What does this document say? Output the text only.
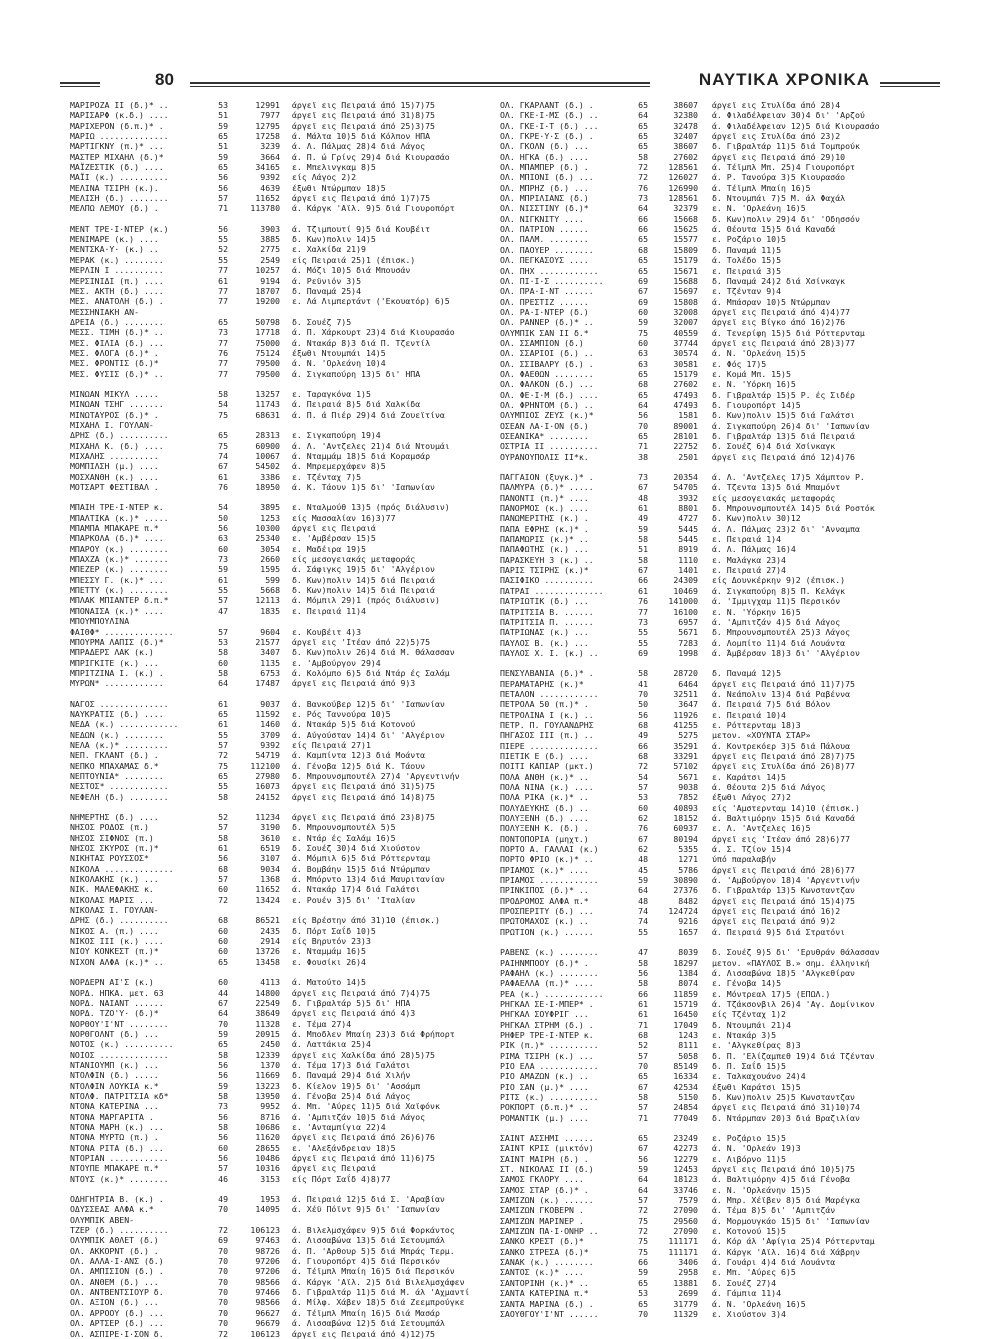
80	ΝΑΥΤΙΚΑ ΧΡΟΝΙΚΑ
ΜΑΡΙΡΟΖΑ ΙΙ (δ.)* ..	53	12991 άργεϊ εις Πειραιά άπό 15)7)75
ΜΑΡΙΣΑΡΦ (κ.δ.) ....	51	7977 άργεϊ εις Πειραιά άπό 31)8)75
ΜΑΡΙΧΕΡΟΝ (δ.π.)* .	59	12795 άργεϊ εις Πειραιά άπό 25)3)75
ΜΑΡΙΩ ..............	65	17258 ά. Μάλτα 10)5 διά Κόλπον ΗΠΑ
ΜΑΡΤΙΓΚΝΥ (π.)* ...	51	3239 ά. Λ. Πάλμας 28)4 διά Λάγος
ΜΑΣΤΕΡ ΜΙΧΑΗΛ (δ.)*	59	3664 ά. Π. ώ Γρίνς 29)4 διά Κιουρασάο
ΜΑΪΖΕΣΤΙΚ (δ.) ....	65	34165 ε. Μπελινγκαμ 8)5
ΜΑΪΙ (κ.) ..........	56	9392 είς Λάγος 2)2
ΜΕΛΙΝΑ ΤΣΙΡΗ (κ.).	56	4639 έξωθι Ντώρμπαν 18)5
ΜΕΛΙΣΗ (δ.) ........	57	11652 άργεϊ εις Πειραιά άπό 1)7)75
ΜΕΛΠΩ ΛΕΜΟΥ (δ.) .	71	113780 ά. Κάργκ 'Αϊλ. 9)5 διά Γιουροπόρτ
ΜΕΝΤ ΤΡΕ·Ι·ΝΤΕΡ (κ.)	56	3903 ά. Τζιμπουτί 9)5 διά Κουβέιτ
ΜΕΝΙΜΑΡΕ (κ.) ....	55	3885 δ. Κων)πολιν 14)5
ΜΕΝΤΣΚΑ·Υ· (κ.) ..	52	2775 ε. Χαλκίδα 21)9
ΜΕΡΑΚ (κ.) ........	55	2549 είς Πειραιά 25)1 (έπισκ.)
ΜΕΡΛΙΝ Ι ..........	77	10257 ά. Μόζι 10)5 διά Μπουσάν
ΜΕΡΣΙΝΙΔΙ (π.) ....	61	9194 ά. Ρεϋνιόν 3)5
ΜΕΣ. ΑΚΤΗ (δ.) ....	77	18707 δ. Παναμά 25)4
ΜΕΣ. ΑΝΑΤΟΛΗ (δ.) .	77	19200 ε. Λά Λιμπερτάντ ('Εκουατόρ) 6)5
ΜΕΣΣΗΝΙΑΚΗ ΑΝ-
ΔΡΕΙΑ (δ.) ........	65	50798 δ. Σουέζ 7)5
ΜΕΣΣ. ΤΙΜΗ (δ.)* ..	73	17718 ά. Π. Χάρκουρτ 23)4 διά Κιουρασάο
ΜΕΣ. ΦΙΛΙΑ (δ.) ...	77	75000 ά. Ντακάρ 8)3 διά Π. Τζεντίλ
ΜΕΣ. ΦΛΟΓΑ (δ.)* .	76	75124 έξωθι Ντουμπάι 14)5
ΜΕΣ. ΦΡΟΝΤΙΣ (δ.)*	77	79500 ά. Ν. 'Ορλεάνη 10)4
ΜΕΣ. ΦΥΣΙΣ (δ.)* ..	77	79500 ά. Σιγκαπούρη 13)5 δι' ΗΠΑ
ΜΙΝΩΑΝ ΜΙΚΥΛ .....	58	13257 ε. Ταραγκόνα 1)5
ΜΙΝΩΑΝ ΤΣΗΓ .......	54	11743 ά. Πειραιά 8)5 διά Χαλκίδα
ΜΙΝΩΤΑΥΡΟΣ (δ.)* .	75	68631 ά. Π. ά Πιέρ 29)4 διά Ζουεϊτίνα
ΜΙΧΑΗΛ Ι. ΓΟΥΛΑΝ-
ΔΡΗΣ (δ.) ..........	65	28313 ε. Σιγκαπούρη 19)4
ΜΙΧΑΗΛ Κ. (δ.) ....	75	60900 ά. Λ. 'Αντζελες 21)4 διά Ντουμάι
ΜΙΧΑΛΗΣ ..........	74	10067 ά. Νταμμάμ 18)5 διά Κοραμσάρ
ΜΟΜΠΙΛΣΗ (μ.) ....	67	54502 ά. Μπρεμερχάφεν 8)5
ΜΟΣΧΑΝΘΗ (κ.) ....	61	3386 ε. Τζένταχ 7)5
ΜΟΤΣΑΡΤ ΦΕΣΤΙΒΑΛ .	76	18950 ά. Κ. Τάουν 1)5 δι' 'Ιαπωνίαν
ΜΠΑΙΗ ΤΡΕ·Ι·ΝΤΕΡ κ.	54	3895 ε. Νταλμούθ 13)5 (πρός διάλυσιν)
ΜΠΑΛΤΙΚΑ (κ.)* .....	50	1253 είς Μασσαλίαν 16)3)77
ΜΠΑΜΠΑ ΜΠΑΚΑΡΕ π.*	56	10300 άργεϊ εις Πειραιά
ΜΠΑΡΚΟΛΑ (δ.)* ....	63	25340 ε. 'Αμβέρσαν 15)5
ΜΠΑΡΟΥ (κ.) ........	60	3054 ε. Μαδέιρα 19)5
ΜΠΑΧΖΑ (κ.)* .......	73	2660 είς μεσογειακάς μεταφοράς
ΜΠΕΖΕΡ (κ.) ........	59	1595 ά. Σάφιγκς 19)5 δι' 'Αλγέριον
ΜΠΕΣΣΥ Γ. (κ.)* ...	61	599 δ. Κων)πολιν 14)5 διά Πειραιά
ΜΠΕΤΤΥ (κ.) ........	55	5668 δ. Κων)πολιν 14)5 διά Πειραιά
ΜΠΛΑΚ ΜΠΙΑΝΤΕΡ δ.π.*	57	12113 ά. Μόμπιλ 29)1 (πρός διάλυσιν)
ΜΠΟΝΑΙΣΑ (κ.)* ....	47	1835 ε. Πειραιά 11)4
ΜΠΟΥΜΠΟΥΛΙΝΑ
ΦΑΙΘΦ* ..............	57	9604 ε. Κουβέιτ 4)3
ΜΠΟΥΡΜΑ ΛΑΠΙΣ (δ.)*	53	21577 άργεϊ εις 'Ιτέαν άπό 22)5)75
ΜΠΡΑΔΕΡΣ ΛΑΚ (κ.)	58	3407 δ. Κων)πολιν 26)4 διά Μ. Θάλασσαν
ΜΠΡΙΓΚΙΤΕ (κ.) ...	60	1135 ε. 'Αμβούργον 29)4
ΜΠΡΙΤΖΙΝΑ Ι. (κ.) .	58	6753 ά. Κολόμπο 6)5 διά Ντάρ ές Σαλάμ
ΜΥΡΩΝ* ............	64	17487 άργεϊ εις Πειραιά άπό 9)3
ΝΑΓΟΣ ..............	61	9037 ά. Βανκούβερ 12)5 δι' 'Ιαπωνίαν
ΝΑΥΚΡΑΤΙΣ (δ.) ....	65	11592 ε. Ρός Ταννούρα 10)5
ΝΕΔΑ (κ.) ............	61	1460 ά. Ντακάρ 5)5 διά Κοτονού
ΝΕΔΩΝ (κ.) ........	55	3709 ά. Αύγούσταν 14)4 δι' 'Αλγέριον
ΝΕΛΑ (κ.)* .........	57	9392 είς Πειραιά 27)1
ΝΕΠ. ΓΚΛΑΝΤ (δ.) .	72	54719 ά. Καμπίντα 12)3 διά Μοάντα
ΝΕΠΚΟ ΜΠΑΧΑΜΑΣ δ.*	75	112100 ά. Γένοβα 12)5 διά Κ. Τάουν
ΝΕΠΤΟΥΝΙΑ* ........	65	27980 δ. Μπρουνσμπουτέλ 27)4 'Αργεντινήν
ΝΕΣΤΟΣ* ............	55	16073 άργεϊ εις Πειραιά άπό 31)5)75
ΝΕΦΕΛΗ (δ.) ........	58	24152 άργεϊ εις Πειραιά άπό 14)8)75
ΝΗΜΕΡΤΗΣ (δ.) ....	52	11234 άργεϊ εις Πειραιά άπό 23)8)75
ΝΗΣΟΣ ΡΟΔΟΣ (π.)	57	3190 δ. Μπρουνσμπουτέλ 5)5
ΝΗΣΟΣ ΣΙΦΝΟΣ (π.)	58	3610 ε. Ντάρ ές Σαλάμ 16)5
ΝΗΣΟΣ ΣΚΥΡΟΣ (π.)*	61	6519 δ. Σουέζ 30)4 διά Χιούστον
ΝΙΚΗΤΑΣ ΡΟΥΣΣΟΣ*	56	3107 ά. Μόμπιλ 6)5 διά Ρόττερνταμ
ΝΙΚΟΛΑ ..............	68	9034 ά. Βομβάην 15)5 διά Ντώρμπαν
ΝΙΚΟΛΑΚΗΣ (κ.) ...	57	1368 ά. Μπόρντο 13)4 διά Μαυριτανίαν
ΝΙΚ. ΜΑΛΕΦΑΚΗΣ κ.	60	11652 ά. Ντακάρ 17)4 διά Γαλάτσι
ΝΙΚΟΛΑΣ ΜΑΡΙΣ ...	72	13424 ε. Ρουέν 3)5 δι' 'Ιταλίαν
ΝΙΚΟΛΑΣ Ι. ΓΟΥΛΑΝ-
ΔΡΗΣ (δ.) ..........	68	86521 είς Βρέστην άπό 31)10 (έπισκ.)
ΝΙΚΟΣ Α. (π.) ....	60	2435 δ. Πόρτ Σαΐδ 10)5
ΝΙΚΟΣ ΙΙΙ (κ.) ....	60	2914 είς Βηρυτόν 23)3
ΝΙΟΥ ΚΟΝΚΕΣΤ (π.)*	60	13726 ε. Νταμμάμ 16)5
ΝΙΧΟΝ ΑΛΦΑ (κ.)* ..	65	13458 ε. Φουσίκι 26)4
ΝΟΡΔΕΡΝ ΑΙ'Σ (κ.)	60	4113 ά. Ματούτο 14)5
ΝΟΡΔ. ΗΠΚΑ. μετ. 63	44	14800 άργεϊ εις Πειραιά άπό 7)4)75
ΝΟΡΔ. ΝΑΙΑΝΤ ......	67	22549 δ. Γιβραλτάρ 5)5 δι' ΗΠΑ
ΝΟΡΔ. ΤΖΟ'Υ· (δ.)*	64	38649 άργεϊ εις Πειραιά άπό 4)3
ΝΟΡΘΟΥ'Ι'ΝΤ ........	70	11328 ε. Τέμα 27)4
ΝΟΡΘΓΟΛΝΤ (δ.) ...	59	20915 ά. Μποδλεν Μπαίη 23)3 διά Φρήπορτ
ΝΟΤΟΣ (κ.) ..........	65	2450 ά. Λαττάκια 25)4
ΝΟΙΟΣ ..............	58	12339 άργεϊ εις Χαλκίδα άπό 28)5)75
ΝΤΑΝΙΟΥΜΠ (κ.) ...	56	1370 ά. Τέμα 17)3 διά Γαλάτσι
ΝΤΟΛΦΙΝ (δ.) .....	56	11669 δ. Παναμά 29)4 διά Χιλήν
ΝΤΟΛΦΙΝ ΛΟΥΚΙΑ κ.*	59	13223 δ. Κίελον 19)5 δι' 'Ασσάμπ
ΝΤΟΛΦ. ΠΑΤΡΙΤΣΙΑ κδ*	58	13950 ά. Γένοβα 25)4 διά Λάγος
ΝΤΟΝΑ ΚΑΤΕΡΙΝΑ ...	73	9952 ά. Μπ. 'Αύρες 11)5 διά Χαϊφόνκ
ΝΤΟΝΑ ΜΑΡΓΑΡΙΤΑ .	56	8716 ά. 'Αμπιτζάν 10)5 διά Λάγος
ΝΤΟΝΑ ΜΑΡΗ (κ.) ...	58	10686 ε. 'Ανταμπίγια 22)4
ΝΤΟΝΑ ΜΥΡΤΩ (π.) .	56	11620 άργεϊ εις Πειραιά άπό 26)6)76
ΝΤΟΝΑ ΡΙΤΑ (δ.) ...	60	28655 ε. 'Αλεξάνδρειαν 18)5
ΝΤΟΡΙΑΝ ............	56	10486 άργεϊ εις Πειραιά άπό 11)6)75
ΝΤΟΥΠΕ ΜΠΑΚΑΡΕ π.*	57	10316 άργεϊ εις Πειραιά
ΝΤΟΥΣ (κ.)* ........	46	3153 είς Πόρτ Σαΐδ 4)8)77
ΟΔΗΓΗΤΡΙΑ Β. (κ.) .	49	1953 ά. Πειραιά 12)5 διά Σ. 'Αραβίαν
ΟΔΥΣΣΕΑΣ ΑΛΦΑ κ.*	70	14095 ά. Χέϋ Πόϊντ 9)5 δι' 'Ιαπωνίαν
ΟΛΥΜΠΙΚ ΑΒΕΝ-
ΤΖΕΡ (δ.) ..........	72	106123 ά. Βιλελμσχάφεν 9)5 διά Φορκάντος
ΟΛΥΜΠΙΚ ΑΘΛΕΤ (δ.)	69	97463 ά. Λισσαβώνα 13)5 διά Σετουμπάλ
ΟΛ. ΑΚΚΟΡΝΤ (δ.) .	70	98726 ά. Π. 'Αρθουρ 5)5 διά Μπράς Τερμ.
ΟΛ. ΑΛΛΑ·Ι·ΑΝΣ (δ.)	70	97206 ά. Γιουροπόρτ 4)5 διά Περσικόν
ΟΛ. ΑΜΠΙΣΙΟΝ (δ.) .	70	97206 ά. Τέϊμπλ Μπαίη 16)5 διά Περσικόν
ΟΛ. ΑΝΘΕΜ (δ.) ...	70	98566 ά. Κάργκ 'Αϊλ. 2)5 διά Βιλελμσχάφεν
ΟΛ. ΑΝΤΒΕΝΤΣΙΟΥΡ δ.	70	97466 δ. Γιβραλτάρ 11)5 διά Μ. άλ 'Αχμαντί
ΟΛ. ΑΞΙΟΝ (δ.) ...	70	98566 ά. Μίλφ. Χάβεν 18)5 διά Ζεεμπρούγκε
ΟΛ. ΑΡΡΟΟΥ (δ.) ...	70	96627 ά. Τέϊμπλ Μπαίη 16)5 διά Μασάρ
ΟΛ. ΑΡΤΣΕΡ (δ.) ...	70	96679 ά. Λισσαβώνα 12)5 διά Σετουμπάλ
ΟΛ. ΑΣΠΙΡΕ·Ι·ΣΟΝ δ.	72	106123 άργεϊ εις Πειραιά άπό 4)12)75
ΟΛ. ΓΚΑΡΛΑΝΤ (δ.) .	65	38607 άργεϊ εις Στυλίδα άπό 28)4
ΟΛ. ΓΚΕ·Ι·ΜΣ (δ.) ..	64	32380 ά. Φιλαδέλφειαν 30)4 δι' 'Αρζού
ΟΛ. ΓΚΕ·Ι·Τ (δ.) ...	65	32478 ά. Φιλαδέλφειαν 12)5 διά Κιουρασάο
ΟΛ. ΓΚΡΕ·Υ·Σ (δ.) .	65	32407 άργεϊ εις Στυλίδα άπό 23)2
ΟΛ. ΓΚΟΛΝ (δ.) ...	65	38607 δ. Γιβραλτάρ 11)5 διά Τομπρούκ
ΟΛ. ΗΓΚΑ (δ.) ....	58	27602 άργεϊ εις Πειραιά άπό 29)10
ΟΛ. ΜΠΑΜΠΕΡ (δ.) .	72	128561 ά. Τέϊμπλ Μπ. 25)4 Γιουροπόρτ
ΟΛ. ΜΠΙΟΝΙ (δ.) ...	72	126027 ά. Ρ. Τανούρα 3)5 Κιουρασάο
ΟΛ. ΜΠΡΗΖ (δ.) ...	76	126990 ά. Τέϊμπλ Μπαίη 16)5
ΟΛ. ΜΠΡΙΛΙΑΝΣ (δ.)	73	128561 δ. Ντουμπάι 7)5 Μ. άλ Φαχάλ
ΟΛ. ΝΙΣΣΤΙΝΥ (δ.)*	64	32379 ε. Ν. 'Ορλεάνη 16)5
ΟΛ. ΝΙΓΚΝΙΤΥ ....	66	15668 δ. Κων)πολιν 29)4 δι' 'Οδησσόν
ΟΛ. ΠΑΤΡΙΟΝ ......	66	15625 ά. Θέουτα 15)5 διά Καναδά
ΟΛ. ΠΑΛΜ. ........	65	15577 ε. Ροζάριο 10)5
ΟΛ. ΠΑΟΥΕΡ ........	68	15809 δ. Παναμά 11)5
ΟΛ. ΠΕΓΚΑΣΟΥΣ ....	65	15179 ά. Τολέδο 15)5
ΟΛ. ΠΗΧ ............	65	15671 ε. Πειραιά 3)5
ΟΛ. ΠΙ·Ι·Σ ..........	69	15688 δ. Παναμά 24)2 διά Χσίνκαγκ
ΟΛ. ΠΡΑ·Ι·ΝΤ ......	67	15697 ε. Τζένταν 9)4
ΟΛ. ΠΡΕΣΤΙΖ ......	69	15808 ά. Μπάσραν 10)5 Ντώρμπαν
ΟΛ. ΡΑ·Ι·ΝΤΕΡ (δ.)	60	32008 άργεϊ εις Πειραιά άπό 4)4)77
ΟΛ. ΡΑΝΝΕΡ (δ.)* ..	59	32007 άργεϊ εις Βίγκο άπό 16)2)76
ΟΛΥΜΠΙΚ ΣΑΝ ΙΙ δ.*	75	40559 ά. Τενερίφη 15)5 διά Ρόττερνταμ
ΟΛ. ΣΣΑΜΠΙΟΝ (δ.)	60	37744 άργεϊ εις Πειραιά άπό 28)3)77
ΟΛ. ΣΣΑΡΙΟΙ (δ.) ..	63	30574 ά. Ν. 'Ορλεάνη 15)5
ΟΛ. ΣΣΙΒΑΛΡΥ (δ.) .	63	30581 ε. Φός 17)5
ΟΛ. ΦΑΕΘΩΝ ........	65	15179 ε. Κομά Μπ. 15)5
ΟΛ. ΦΑΛΚΟΝ (δ.) ...	68	27602 ε. Ν. 'Υόρκη 16)5
ΟΛ. ΦΕ·Ι·Μ (δ.) ....	65	47493 δ. Γιβραλτάρ 15)5 Ρ. ές Σιδέρ
ΟΛ. ΦΡΗΝΤΟΜ (δ.) ..	64	47493 δ. Γιουροπόρτ 14)5
ΟΛΥΜΠΙΟΣ ΖΕΥΣ (κ.)*	56	1581 δ. Κων)πολιν 15)5 διά Γαλάτσι
ΟΣΕΑΝ ΛΑ·Ι·ΟΝ (δ.)	70	89001 ά. Σιγκαπούρη 26)4 δι' 'Ιαπωνίαν
ΟΣΕΑΝΙΚΑ* ........	65	28101 δ. Γιβραλτάρ 13)5 διά Πειραιά
ΟΣΤΡΙΑ ΙΙ ..........	71	22752 δ. Σουέζ 6)4 διά Χσίνκαγκ
ΟΥΡΑΝΟΥΠΟΛΙΣ ΙΙ*κ.	38	2501 άργεϊ εις Πειραιά άπό 12)4)76
ΠΑΓΓΑΙΟΝ (ξυγκ.)* .	73	20354 ά. Λ. 'Αντζελες 17)5 Χάμπτον Ρ.
ΠΑΛΜΥΡΑ (δ.)* .....	67	54705 ά. Τζεντα 13)5 διά Μπαμόντ
ΠΑΝΟΝΤΙ (π.)* ....	48	3932 είς μεσογειακάς μεταφοράς
ΠΑΝΟΡΜΟΣ (κ.) ....	61	8801 δ. Μπρουνσμπουτέλ 14)5 διά Ροστόκ
ΠΑΝΩΜΕΡΙΤΗΣ (κ.) .	49	4727 δ. Κων)πολιν 30)12
ΠΑΠΑ ΕΦΡΗΣ (κ.)* .	59	5445 ά. Λ. Πάλμας 23)2 δι' 'Ανναμπα
ΠΑΠΑΜΩΡΙΣ (κ.)* ..	58	5445 ε. Πειραιά 1)4
ΠΑΠΑΦΩΤΗΣ (κ.) ...	51	8919 ά. Λ. Πάλμας 16)4
ΠΑΡΑΣΚΕΥΗ 3 (κ.) ..	58	1110 ε. Μαλάγκα 23)4
ΠΑΡΙΣ ΤΣΙΡΗΣ (κ.)*	67	1401 ε. Πειραιά 27)4
ΠΑΣΙΦΙΚΟ ..........	66	24309 είς Δουνκέρκην 9)2 (έπισκ.)
ΠΑΤΡΑΙ ..............	61	10469 ά. Σιγκαπούρη 8)5 Π. Κελάγκ
ΠΑΤΡΙΩΤΙΚ (δ.) ...	76	141000 ά. 'Ιμμιγχαμ 11)5 Περσικόν
ΠΑΤΡΙΤΣΙΑ Β. ......	77	16100 ε. Ν. 'Υόρκην 16)5
ΠΑΤΡΙΤΣΙΑ Π. ......	73	6957 ά. 'Αμπιτζάν 4)5 διά Λάγος
ΠΑΤΡΙΩΝΑΣ (κ.) ...	55	5671 δ. Μπρουνσμπουτέλ 25)3 Λάγος
ΠΑΥΛΟΣ Β. (κ.) ...	55	7283 ά. Λομπίτο 11)4 διά Λουάντα
ΠΑΥΛΟΣ Χ. Ι. (κ.) ..	69	1998 ά. Άμβέρσαν 18)3 δι' 'Αλγέριον
ΠΕΝΣΥΛΒΑΝΙΑ (δ.)* .	58	28720 δ. Παναμά 12)5
ΠΕΡΑΜΑΤΑΡΗΣ (κ.)*	41	6464 άργεϊ εις Πειραιά άπό 11)7)75
ΠΕΤΑΛΟΝ ............	70	32511 ά. Νεάπολιν 13)4 διά Ραβέννα
ΠΕΤΡΟΛΑ 50 (π.)* .	50	3647 ά. Πειραιά 7)5 διά Βόλον
ΠΕΤΡΟΛΙΝΑ Ι (κ.) ..	56	11926 ε. Πειραιά 10)4
ΠΕΤΡ. Π. ΓΟΥΛΑΝΔΡΗΣ	68	41255 ε. Ρόττερνταμ 18)3
ΠΗΓΑΣΟΣ ΙΙΙ (π.) ..	49	5275 μετον. «ΧΟΥΝΤΑ ΣΤΑΡ»
ΠΙΕΡΕ ..............	66	35291 ά. Κοντρεκόερ 3)5 διά Πάλουα
ΠΙΕΤΙΚ Ε (δ.) ....	68	33291 άργεϊ εις Πειραιά άπό 28)7)75
ΠΟΙΤΙ ΚΑΠΙΑΡ (μκτ.)	72	57102 άργεϊ εις Στυλίδα άπό 26)8)77
ΠΟΛΑ ΑΝΘΗ (κ.)* ..	54	5671 ε. Καράτσι 14)5
ΠΟΛΑ ΝΙΝΑ (κ.) ....	57	9038 ά. Θέουτα 2)5 διά Λάγος
ΠΟΛΑ ΡΙΚΑ (κ.)* ..	53	7852 έξωθι Λάγος 27)2
ΠΟΛΥΔΕΥΚΗΣ (δ.) ..	60	40893 είς 'Αμστερνταμ 14)10 (έπισκ.)
ΠΟΛΥΞΕΝΗ (δ.) ....	62	18152 ά. Βαλτιμόρην 15)5 διά Καναδά
ΠΟΛΥΞΕΝΗ Κ. (δ.) .	76	60937 ε. Λ. 'Αντζελες 16)5
ΠΟΝΤΟΠΟΡΙΑ (μηχτ.)	67	80194 άργεϊ εις 'Ιτέαν άπό 28)6)77
ΠΟΡΤΟ Α. ΓΑΛΛΑΙ (κ.)	62	5355 ά. Σ. Τζίον 15)4
ΠΟΡΤΟ ΦΡΙΟ (κ.)* ..	48	1271 ύπό παραλαβήν
ΠΡΙΑΜΟΣ (κ.)* ....	45	5786 άργεϊ εις Πειραιά άπό 28)6)77
ΠΡΙΑΜΟΣ ............	59	30890 ά. 'Αμβούργον 18)4 'Αργεντινήν
ΠΡΙΝΚΙΠΟΣ (δ.)* ..	64	27376 δ. Γιβραλτάρ 13)5 Κωνσταντζαν
ΠΡΟΔΡΟΜΟΣ ΑΛΦΑ π.*	48	8482 άργεϊ εις Πειραιά άπό 15)4)75
ΠΡΟΣΠΕΡΙΤΥ (δ.) ...	74	124724 άργεϊ εις Πειραιά άπό 16)2
ΠΡΩΤΟΜΑΧΟΣ (κ.) ..	74	9216 άργεϊ εις Πειραιά άπό 9)2
ΠΡΩΤΙΟΝ (κ.) ......	55	1657 ά. Πειραιά 9)5 διά Στρατόνι
ΡΑΒΕΝΣ (κ.) ........	47	8039 δ. Σουέζ 9)5 δι' 'Ερυθράν θάλασσαν
ΡΑΙΗΝΜΠΟΟΥ (δ.)* .	58	18297 μετον. «ΠΑΥΛΟΣ Β.» σημ. έλληνική
ΡΑΦΑΗΛ (κ.) ........	56	1384 ά. Λισσαβώνα 18)5 'Αλγκεθίραν
ΡΑΦΑΕΛΛΑ (π.)* ....	58	8074 ε. Γένοβα 14)5
ΡΕΑ (κ.) ............	66	11859 ε. Μόντρεαλ 17)5 (ΕΠΩΛ.)
ΡΗΓΚΑΛ ΣΕ·Ι·ΜΠΕΡ* .	61	15719 ά. Τζάκσονβιλ 26)4 'Αγ. Δομίνικον
ΡΗΓΚΑΛ ΣΟΥΦΡΙΓ ...	61	16450 είς Τζένταχ 1)2
ΡΗΓΚΑΛ ΣΤΡΗΜ (δ.) .	71	17049 δ. Ντουμπάι 21)4
ΡΗΦΕΡ ΤΡΕ·Ι·ΝΤΕΡ κ.	68	1243 ε. Ντακάρ 3)5
ΡΙΚ (π.)* ..........	52	8111 ε. 'Αλγκεθίρας 8)3
ΡΙΜΑ ΤΣΙΡΗ (κ.) ...	57	5058 δ. Π. 'Ελίζαμπεθ 19)4 διά Τζένταν
ΡΙΟ ΕΛΑ ............	70	85149 δ. Π. Σαΐδ 15)5
ΡΙΟ ΑΜΑΖΩΝ (κ.) ..	65	16334 ε. Ταλκαχουάνο 24)4
ΡΙΟ ΣΑΝ (μ.)* ....	67	42534 έξωθι Καράτσι 15)5
ΡΙΤΣ (κ.) ..........	58	5150 δ. Κων)πολιν 25)5 Κωνσταντζαν
ΡΟΚΠΟΡΤ (δ.π.)* ..	57	24854 άργεϊ εις Πειραιά άπό 31)10)74
ΡΟΜΑΝΤΙΚ (μ.) ....	71	77049 δ. Ντάρμπαν 20)3 διά Βραζιλίαν
ΣΑΙΝΤ ΑΣΣΗΜΙ ......	65	23249 ε. Ροζάριο 15)5
ΣΑΙΝΤ ΚΡΙΣ (μικτόν)	67	42273 ά. Ν. 'Ορλεάν 19)3
ΣΑΙΝΤ ΜΑΙΡΗ (δ.) .	56	12279 ε. Λιβόρνο 11)5
ΣΤ. ΝΙΚΟΛΑΣ ΙΙ (δ.)	59	12453 άργεϊ εις Πειραιά άπό 10)5)75
ΣΑΜΟΣ ΓΚΛΟΡΥ ....	64	18123 ά. Βαλτιμόρην 4)5 διά Γένοβα
ΣΑΜΟΣ ΣΤΑΡ (δ.)* .	64	33746 ε. Ν. 'Ορλεάνην 15)5
ΣΑΜΙΖΩΝ (κ.) ......	57	7579 ά. Μπρ. Χέϊβεν 8)5 διά Μαρέγκα
ΣΑΜΙΖΩΝ ΓΚΟΒΕΡΝ .	72	27090 ά. Τέμα 8)5 δι' 'Αμπιτζάν
ΣΑΜΙΖΩΝ ΜΑΡΙΝΕΡ .	75	29560 ά. Μορμουγκάο 15)5 δι' 'Ιαπωνίαν
ΣΑΜΙΖΩΝ ΠΑ·Ι·ΟΝΗΡ ..	72	27090 ε. Κοτονού 15)5
ΣΑΝΚΟ ΚΡΕΣΤ (δ.)*	75	111171 ά. Κόρ άλ 'Αφίγια 25)4 Ρόττερνταμ
ΣΑΝΚΟ ΣΤΡΕΣΑ (δ.)*	75	111171 ά. Κάργκ 'Αϊλ. 16)4 διά Χάβρην
ΣΑΝΑΚ (κ.) ........	66	3406 ά. Γουάρι 4)4 διά Λουάντα
ΣΑΝΤΟΣ (κ.)* ....	59	2958 ε. Μπ. 'Αύρες 6)5
ΣΑΝΤΟΡΙΝΗ (κ.)* ..	65	13881 δ. Σουέζ 27)4
ΣΑΝΤΑ ΚΑΤΕΡΙΝΑ π.*	53	2699 ά. Γάμπια 11)4
ΣΑΝΤΑ ΜΑΡΙΝΑ (δ.) .	65	31779 ά. Ν. 'Ορλεάνη 16)5
ΣΑΟΥΘΓΟΥ'Ι'ΝΤ ......	70	11329 ε. Χιούστον 3)4
